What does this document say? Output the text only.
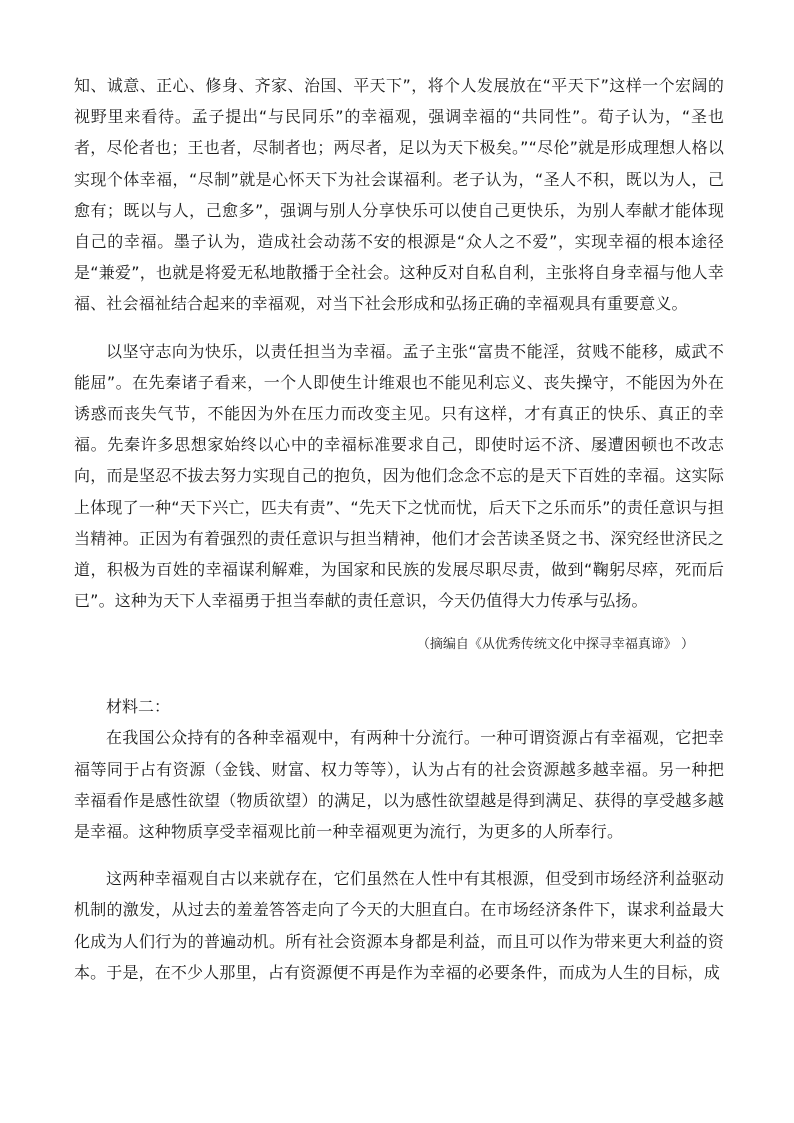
知、诚意、正心、修身、齐家、治国、平天下”，将个人发展放在“平天下”这样一个宏阔的视野里来看待。孟子提出“与民同乐”的幸福观，强调幸福的“共同性”。荀子认为，“圣也者，尽伦者也；王也者，尽制者也；两尽者，足以为天下极矣。”“尽伦”就是形成理想人格以实现个体幸福，“尽制”就是心怀天下为社会谋福利。老子认为，“圣人不积，既以为人，己愈有；既以与人，己愈多”，强调与别人分享快乐可以使自己更快乐，为别人奉献才能体现自己的幸福。墨子认为，造成社会动荡不安的根源是“众人之不爱”，实现幸福的根本途径是“兼爱”，也就是将爱无私地散播于全社会。这种反对自私自利，主张将自身幸福与他人幸福、社会福祉结合起来的幸福观，对当下社会形成和弘扬正确的幸福观具有重要意义。

以坚守志向为快乐，以责任担当为幸福。孟子主张“富贵不能淫，贫贱不能移，威武不能屈”。在先秦诸子看来，一个人即使生计维艰也不能见利忘义、丧失操守，不能因为外在诱惑而丧失气节，不能因为外在压力而改变主见。只有这样，才有真正的快乐、真正的幸福。先秦许多思想家始终以心中的幸福标准要求自己，即使时运不济、屡遭困顿也不改志向，而是坚忍不拔去努力实现自己的抱负，因为他们念念不忘的是天下百姓的幸福。这实际上体现了一种“天下兴亡，匹夫有责”、“先天下之忧而忧，后天下之乐而乐”的责任意识与担当精神。正因为有着强烈的责任意识与担当精神，他们才会苦读圣贤之书、深究经世济民之道，积极为百姓的幸福谋利解难，为国家和民族的发展尽职尽责，做到“鞠躬尽瘁，死而后已”。这种为天下人幸福勇于担当奉献的责任意识，今天仍值得大力传承与弘扬。

（摘编自《从优秀传统文化中探寻幸福真谛》 ）

材料二：

在我国公众持有的各种幸福观中，有两种十分流行。一种可谓资源占有幸福观，它把幸福等同于占有资源（金钱、财富、权力等等），认为占有的社会资源越多越幸福。另一种把幸福看作是感性欲望（物质欲望）的满足，以为感性欲望越是得到满足、获得的享受越多越是幸福。这种物质享受幸福观比前一种幸福观更为流行，为更多的人所奉行。

这两种幸福观自古以来就存在，它们虽然在人性中有其根源，但受到市场经济利益驱动机制的激发，从过去的羞羞答答走向了今天的大胆直白。在市场经济条件下，谋求利益最大化成为人们行为的普遍动机。所有社会资源本身都是利益，而且可以作为带来更大利益的资本。于是，在不少人那里，占有资源便不再是作为幸福的必要条件，而成为人生的目标，成
